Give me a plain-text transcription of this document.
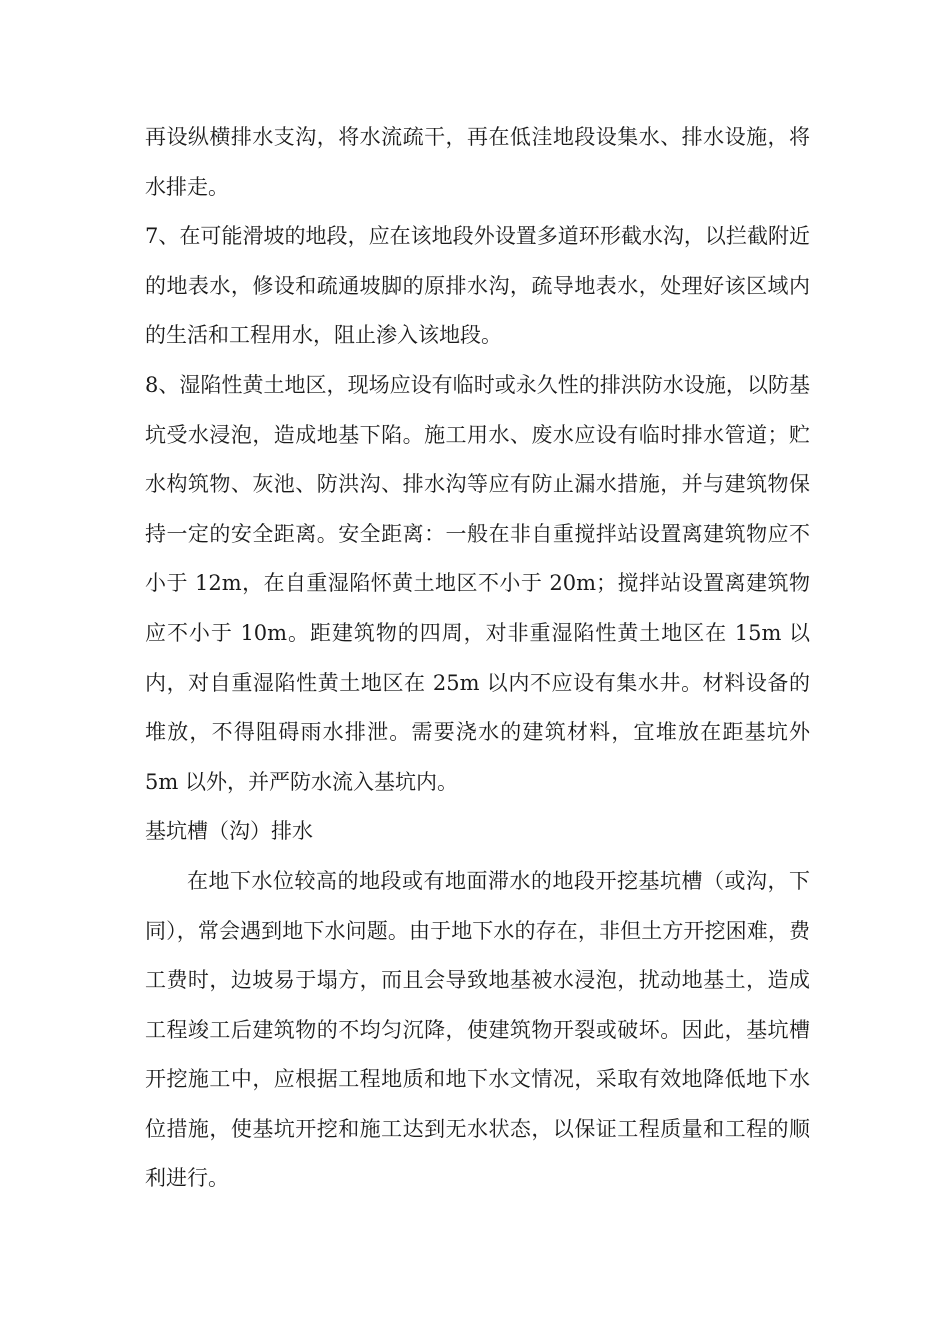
再设纵横排水支沟，将水流疏干，再在低洼地段设集水、排水设施，将水排走。

7、在可能滑坡的地段，应在该地段外设置多道环形截水沟，以拦截附近的地表水，修设和疏通坡脚的原排水沟，疏导地表水，处理好该区域内的生活和工程用水，阻止渗入该地段。

8、湿陷性黄土地区，现场应设有临时或永久性的排洪防水设施，以防基坑受水浸泡，造成地基下陷。施工用水、废水应设有临时排水管道；贮水构筑物、灰池、防洪沟、排水沟等应有防止漏水措施，并与建筑物保持一定的安全距离。安全距离：一般在非自重搅拌站设置离建筑物应不小于 12m，在自重湿陷怀黄土地区不小于 20m；搅拌站设置离建筑物应不小于 10m。距建筑物的四周，对非重湿陷性黄土地区在 15m 以内，对自重湿陷性黄土地区在 25m 以内不应设有集水井。材料设备的堆放，不得阻碍雨水排泄。需要浇水的建筑材料，宜堆放在距基坑外 5m 以外，并严防水流入基坑内。

基坑槽（沟）排水

在地下水位较高的地段或有地面滞水的地段开挖基坑槽（或沟，下同），常会遇到地下水问题。由于地下水的存在，非但土方开挖困难，费工费时，边坡易于塌方，而且会导致地基被水浸泡，扰动地基土，造成工程竣工后建筑物的不均匀沉降，使建筑物开裂或破坏。因此，基坑槽开挖施工中，应根据工程地质和地下水文情况，采取有效地降低地下水位措施，使基坑开挖和施工达到无水状态，以保证工程质量和工程的顺利进行。
